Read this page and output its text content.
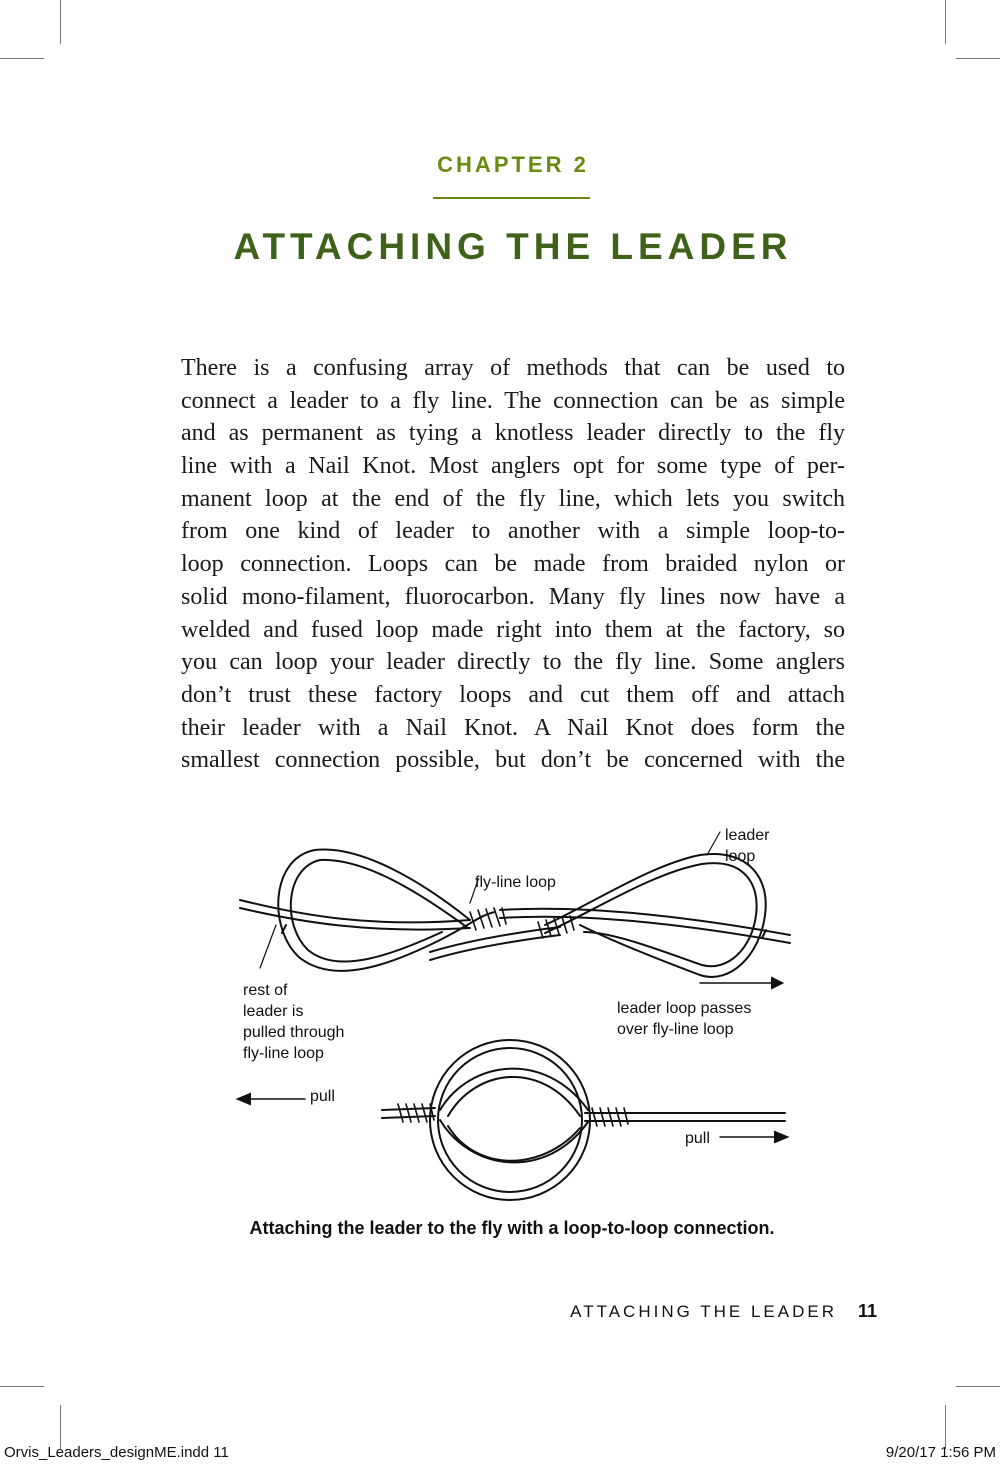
CHAPTER 2
ATTACHING THE LEADER

There is a confusing array of methods that can be used to
connect a leader to a fly line. The connection can be as simple
and as permanent as tying a knotless leader directly to the fly
line with a Nail Knot. Most anglers opt for some type of per-
manent loop at the end of the fly line, which lets you switch
from one kind of leader to another with a simple loop-to-
loop connection. Loops can be made from braided nylon or
solid mono-filament, fluorocarbon. Many fly lines now have a
welded and fused loop made right into them at the factory, so
you can loop your leader directly to the fly line. Some anglers
don’t trust these factory loops and cut them off and attach
their leader with a Nail Knot. A Nail Knot does form the
smallest connection possible, but don’t be concerned with the

leader
loop
fly-line loop
rest of
leader is
pulled through
fly-line loop
leader loop passes
over fly-line loop
pull
pull
Attaching the leader to the fly with a loop-to-loop connection.
ATTACHING THE LEADER 11
Orvis_Leaders_designME.indd 11	9/20/17 1:56 PM
